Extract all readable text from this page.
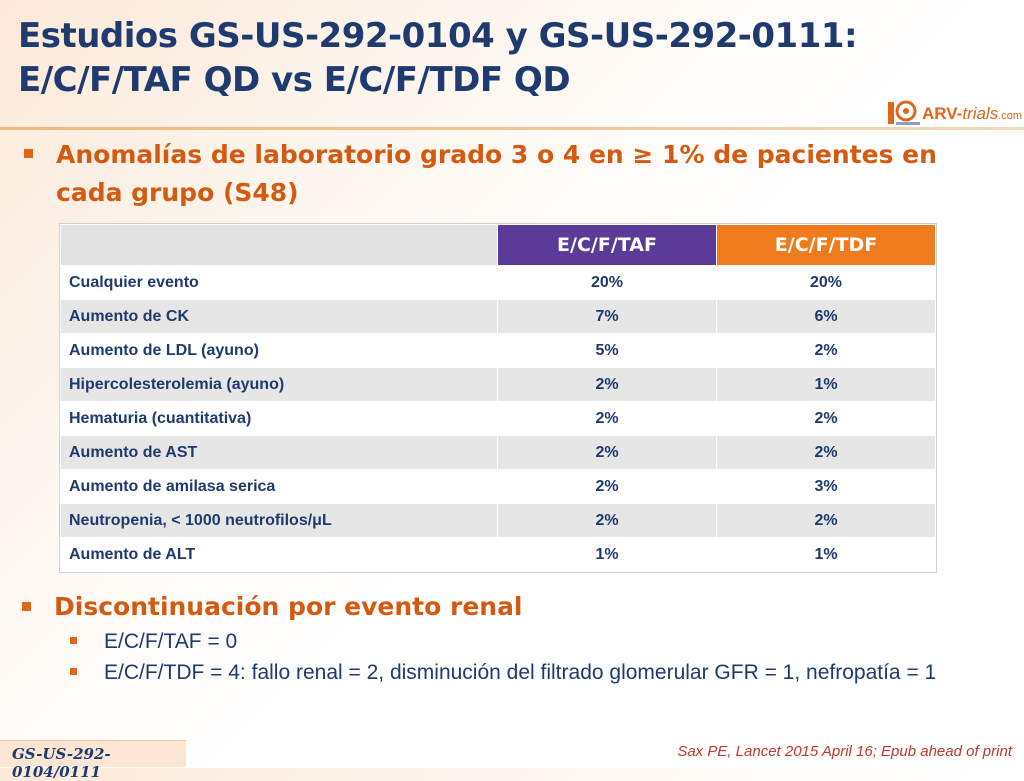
Estudios GS-US-292-0104 y GS-US-292-0111:
E/C/F/TAF QD vs E/C/F/TDF QD
ARV-trials.com
Anomalías de laboratorio grado 3 o 4 en ≥ 1% de pacientes en cada grupo (S48)
	E/C/F/TAF	E/C/F/TDF
Cualquier evento	20%	20%
Aumento de CK	7%	6%
Aumento de LDL (ayuno)	5%	2%
Hipercolesterolemia (ayuno)	2%	1%
Hematuria (cuantitativa)	2%	2%
Aumento de AST	2%	2%
Aumento de amilasa serica	2%	3%
Neutropenia, < 1000 neutrofilos/μL	2%	2%
Aumento de ALT	1%	1%
Discontinuación por evento renal
E/C/F/TAF = 0
E/C/F/TDF = 4: fallo renal = 2, disminución del filtrado glomerular GFR = 1, nefropatía = 1
GS-US-292-0104/0111
Sax PE, Lancet 2015 April 16; Epub ahead of print
